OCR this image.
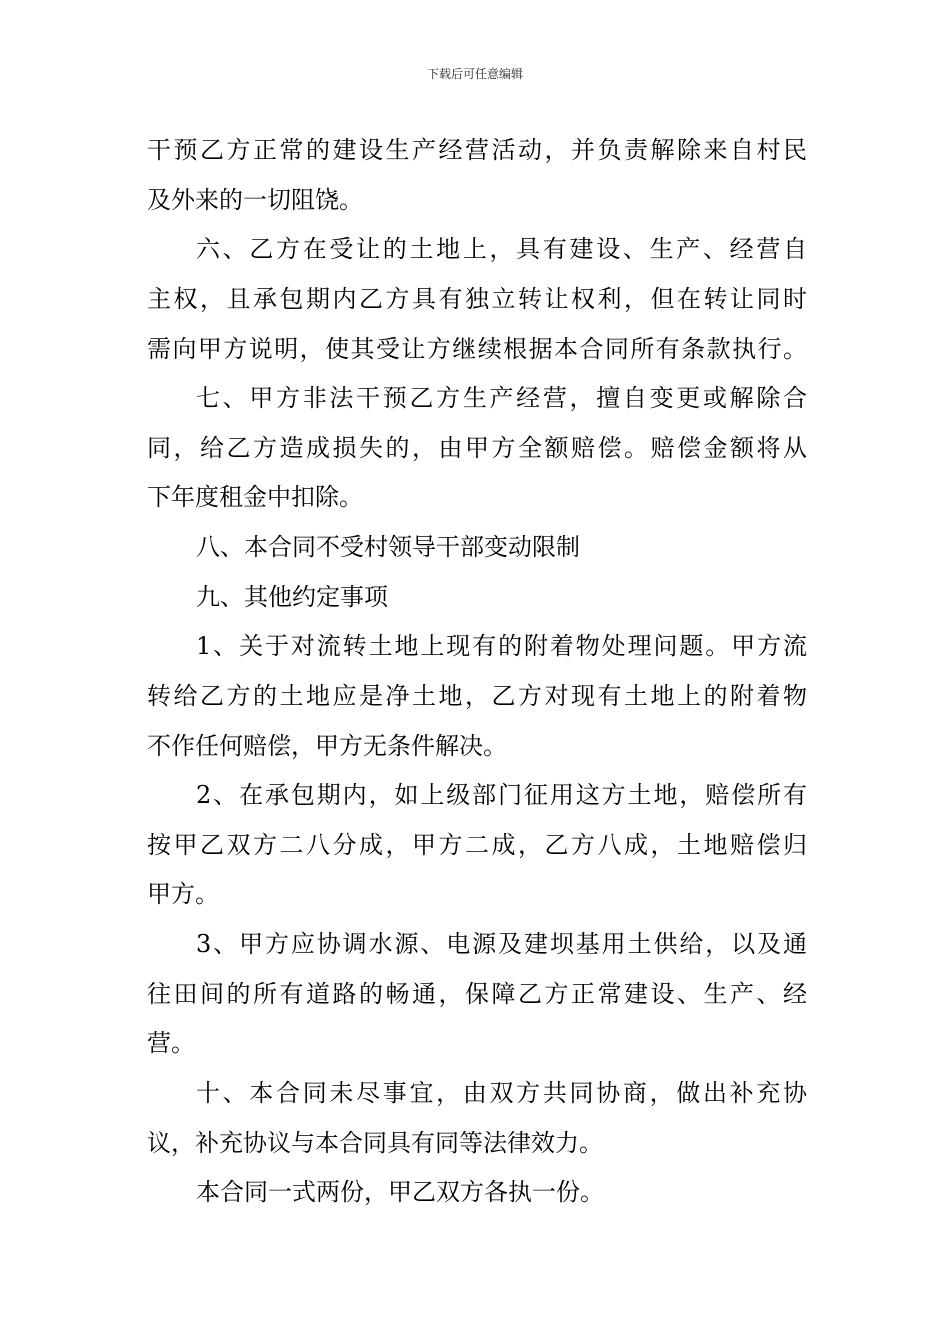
下载后可任意编辑
干预乙方正常的建设生产经营活动，并负责解除来自村民
及外来的一切阻饶。
六、乙方在受让的土地上，具有建设、生产、经营自
主权，且承包期内乙方具有独立转让权利，但在转让同时
需向甲方说明，使其受让方继续根据本合同所有条款执行。
七、甲方非法干预乙方生产经营，擅自变更或解除合
同，给乙方造成损失的，由甲方全额赔偿。赔偿金额将从
下年度租金中扣除。
八、本合同不受村领导干部变动限制
九、其他约定事项
1、关于对流转土地上现有的附着物处理问题。甲方流
转给乙方的土地应是净土地，乙方对现有土地上的附着物
不作任何赔偿，甲方无条件解决。
2、在承包期内，如上级部门征用这方土地，赔偿所有
按甲乙双方二八分成，甲方二成，乙方八成，土地赔偿归
甲方。
3、甲方应协调水源、电源及建坝基用土供给，以及通
往田间的所有道路的畅通，保障乙方正常建设、生产、经
营。
十、本合同未尽事宜，由双方共同协商，做出补充协
议，补充协议与本合同具有同等法律效力。
本合同一式两份，甲乙双方各执一份。
